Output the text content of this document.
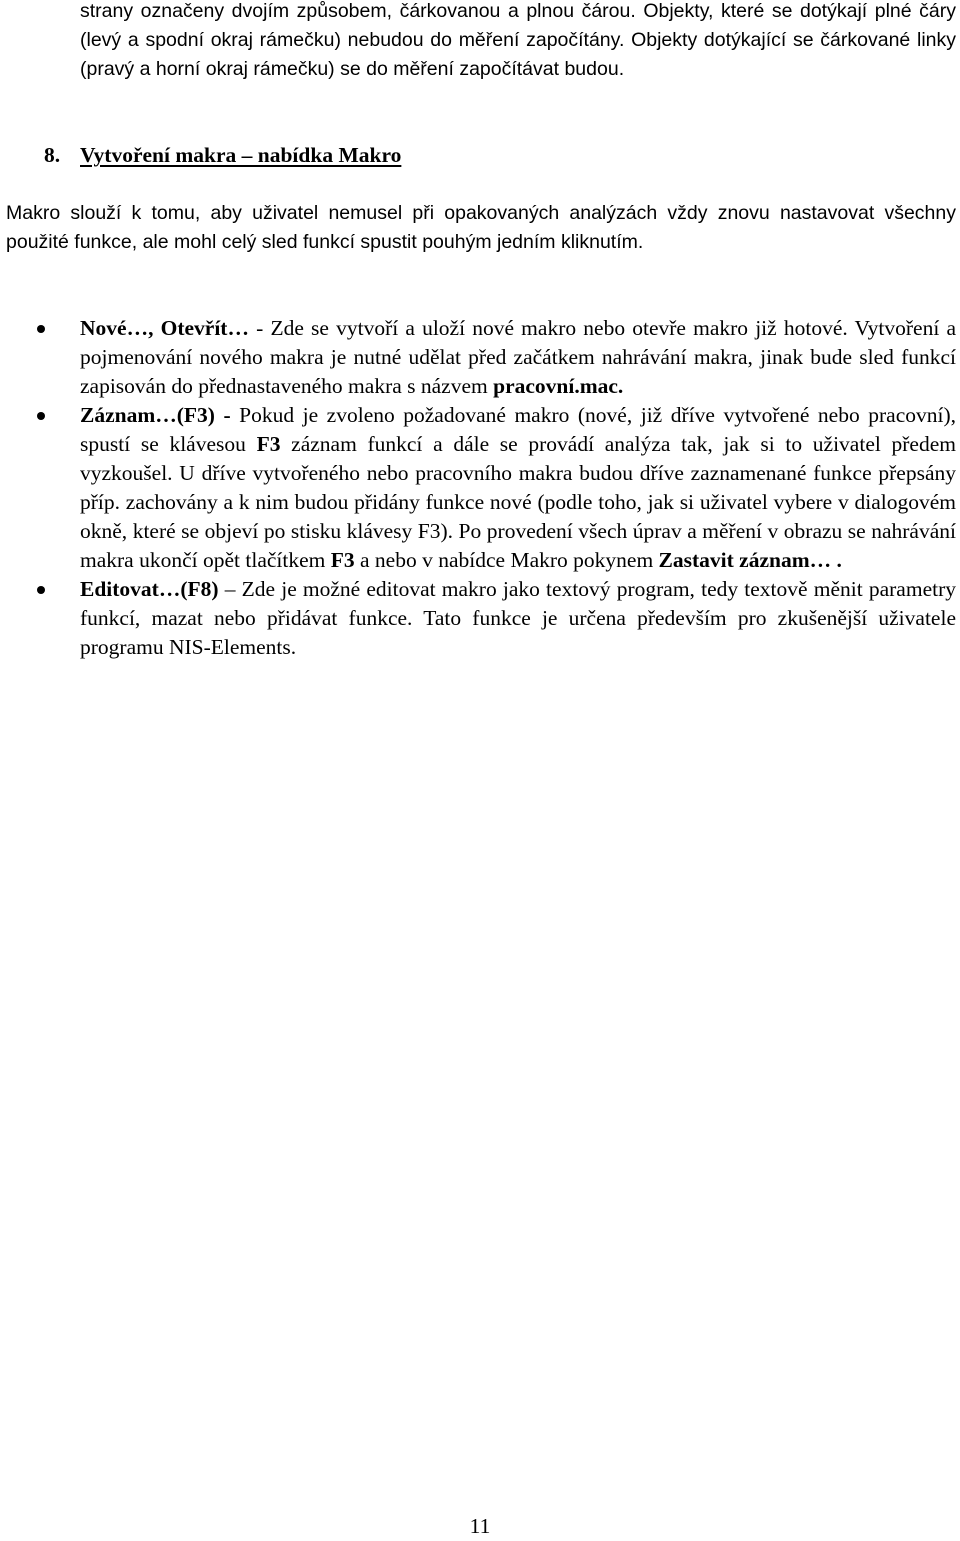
strany označeny dvojím způsobem, čárkovanou a plnou čárou. Objekty, které se dotýkají plné čáry (levý a spodní okraj rámečku) nebudou do měření započítány. Objekty dotýkající se čárkované linky (pravý a horní okraj rámečku) se do měření započítávat budou.
8. Vytvoření makra – nabídka Makro
Makro slouží k tomu, aby uživatel nemusel při opakovaných analýzách vždy znovu nastavovat všechny použité funkce, ale mohl celý sled funkcí spustit pouhým jedním kliknutím.
Nové…, Otevřít… - Zde se vytvoří a uloží nové makro nebo otevře makro již hotové. Vytvoření a pojmenování nového makra je nutné udělat před začátkem nahrávání makra, jinak bude sled funkcí zapisován do přednastaveného makra s názvem pracovní.mac.
Záznam…(F3) - Pokud je zvoleno požadované makro (nové, již dříve vytvořené nebo pracovní), spustí se klávesou F3 záznam funkcí a dále se provádí analýza tak, jak si to uživatel předem vyzkoušel. U dříve vytvořeného nebo pracovního makra budou dříve zaznamenané funkce přepsány příp. zachovány a k nim budou přidány funkce nové (podle toho, jak si uživatel vybere v dialogovém okně, které se objeví po stisku klávesy F3). Po provedení všech úprav a měření v obrazu se nahrávání makra ukončí opět tlačítkem F3 a nebo v nabídce Makro pokynem Zastavit záznam… .
Editovat…(F8) – Zde je možné editovat makro jako textový program, tedy textově měnit parametry funkcí, mazat nebo přidávat funkce. Tato funkce je určena především pro zkušenější uživatele programu NIS-Elements.
11
